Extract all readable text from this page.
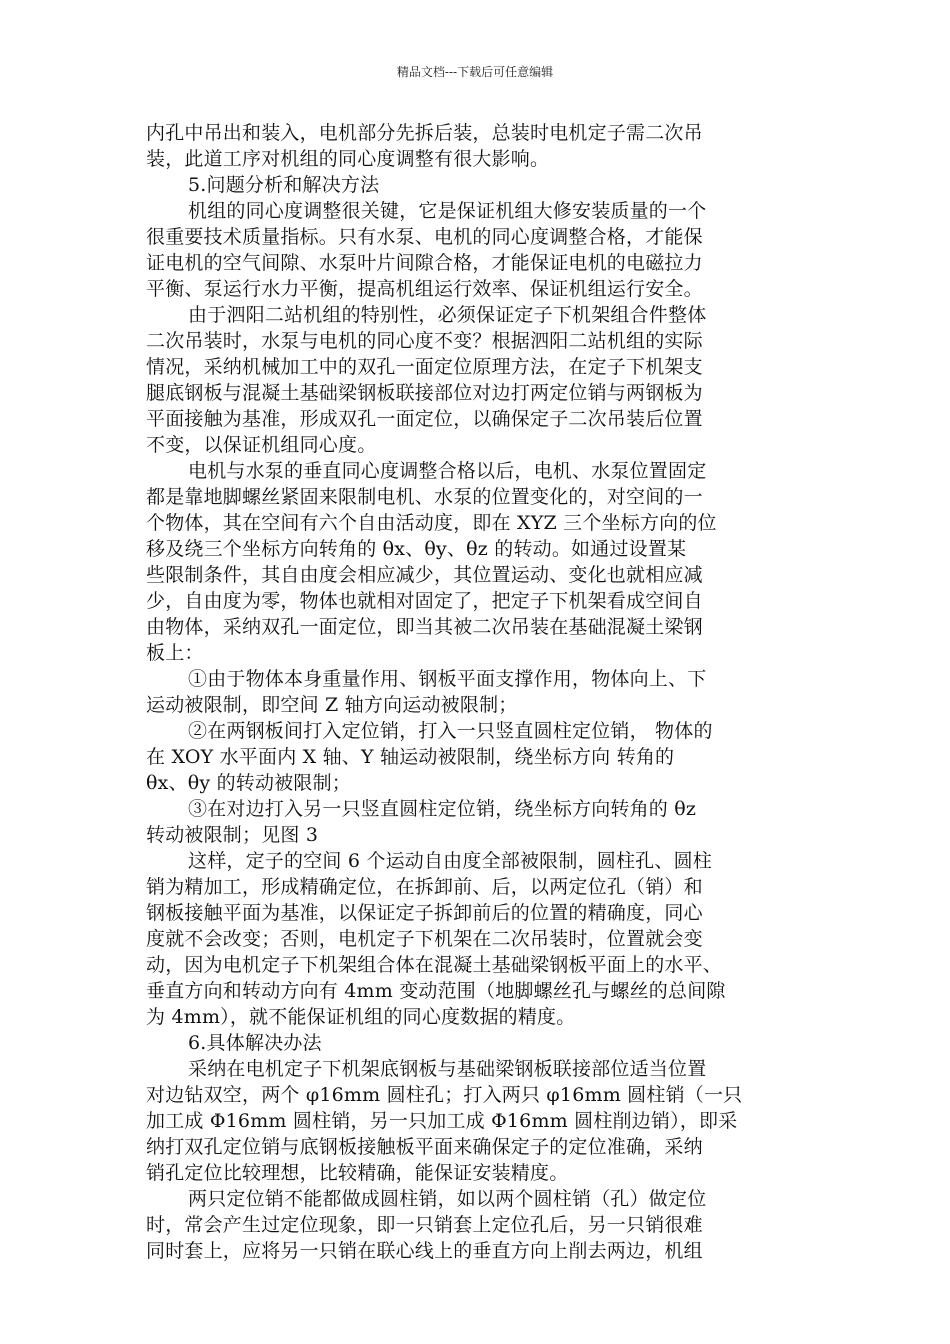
精品文档---下载后可任意编辑
内孔中吊出和装入，电机部分先拆后装，总装时电机定子需二次吊
装，此道工序对机组的同心度调整有很大影响。
5.问题分析和解决方法
机组的同心度调整很关键，它是保证机组大修安装质量的一个
很重要技术质量指标。只有水泵、电机的同心度调整合格，才能保
证电机的空气间隙、水泵叶片间隙合格，才能保证电机的电磁拉力
平衡、泵运行水力平衡，提高机组运行效率、保证机组运行安全。
由于泗阳二站机组的特别性，必须保证定子下机架组合件整体
二次吊装时，水泵与电机的同心度不变？根据泗阳二站机组的实际
情况，采纳机械加工中的双孔一面定位原理方法，在定子下机架支
腿底钢板与混凝土基础梁钢板联接部位对边打两定位销与两钢板为
平面接触为基准，形成双孔一面定位，以确保定子二次吊装后位置
不变，以保证机组同心度。
电机与水泵的垂直同心度调整合格以后，电机、水泵位置固定
都是靠地脚螺丝紧固来限制电机、水泵的位置变化的，对空间的一
个物体，其在空间有六个自由活动度，即在 XYZ 三个坐标方向的位
移及绕三个坐标方向转角的 θx、θy、θz 的转动。如通过设置某
些限制条件，其自由度会相应减少，其位置运动、变化也就相应减
少，自由度为零，物体也就相对固定了，把定子下机架看成空间自
由物体，采纳双孔一面定位，即当其被二次吊装在基础混凝土梁钢
板上：
①由于物体本身重量作用、钢板平面支撑作用，物体向上、下
运动被限制，即空间 Z 轴方向运动被限制；
②在两钢板间打入定位销，打入一只竖直圆柱定位销， 物体的
在 XOY 水平面内 X 轴、Y 轴运动被限制，绕坐标方向 转角的
θx、θy 的转动被限制；
③在对边打入另一只竖直圆柱定位销，绕坐标方向转角的 θz
转动被限制；见图 3
这样，定子的空间 6 个运动自由度全部被限制，圆柱孔、圆柱
销为精加工，形成精确定位，在拆卸前、后，以两定位孔（销）和
钢板接触平面为基准，以保证定子拆卸前后的位置的精确度，同心
度就不会改变；否则，电机定子下机架在二次吊装时，位置就会变
动，因为电机定子下机架组合体在混凝土基础梁钢板平面上的水平、
垂直方向和转动方向有 4mm 变动范围（地脚螺丝孔与螺丝的总间隙
为 4mm），就不能保证机组的同心度数据的精度。
6.具体解决办法
采纳在电机定子下机架底钢板与基础梁钢板联接部位适当位置
对边钻双空，两个 φ16mm 圆柱孔；打入两只 φ16mm 圆柱销（一只
加工成 Φ16mm 圆柱销，另一只加工成 Φ16mm 圆柱削边销），即采
纳打双孔定位销与底钢板接触板平面来确保定子的定位准确，采纳
销孔定位比较理想，比较精确，能保证安装精度。
两只定位销不能都做成圆柱销，如以两个圆柱销（孔）做定位
时，常会产生过定位现象，即一只销套上定位孔后，另一只销很难
同时套上，应将另一只销在联心线上的垂直方向上削去两边，机组
